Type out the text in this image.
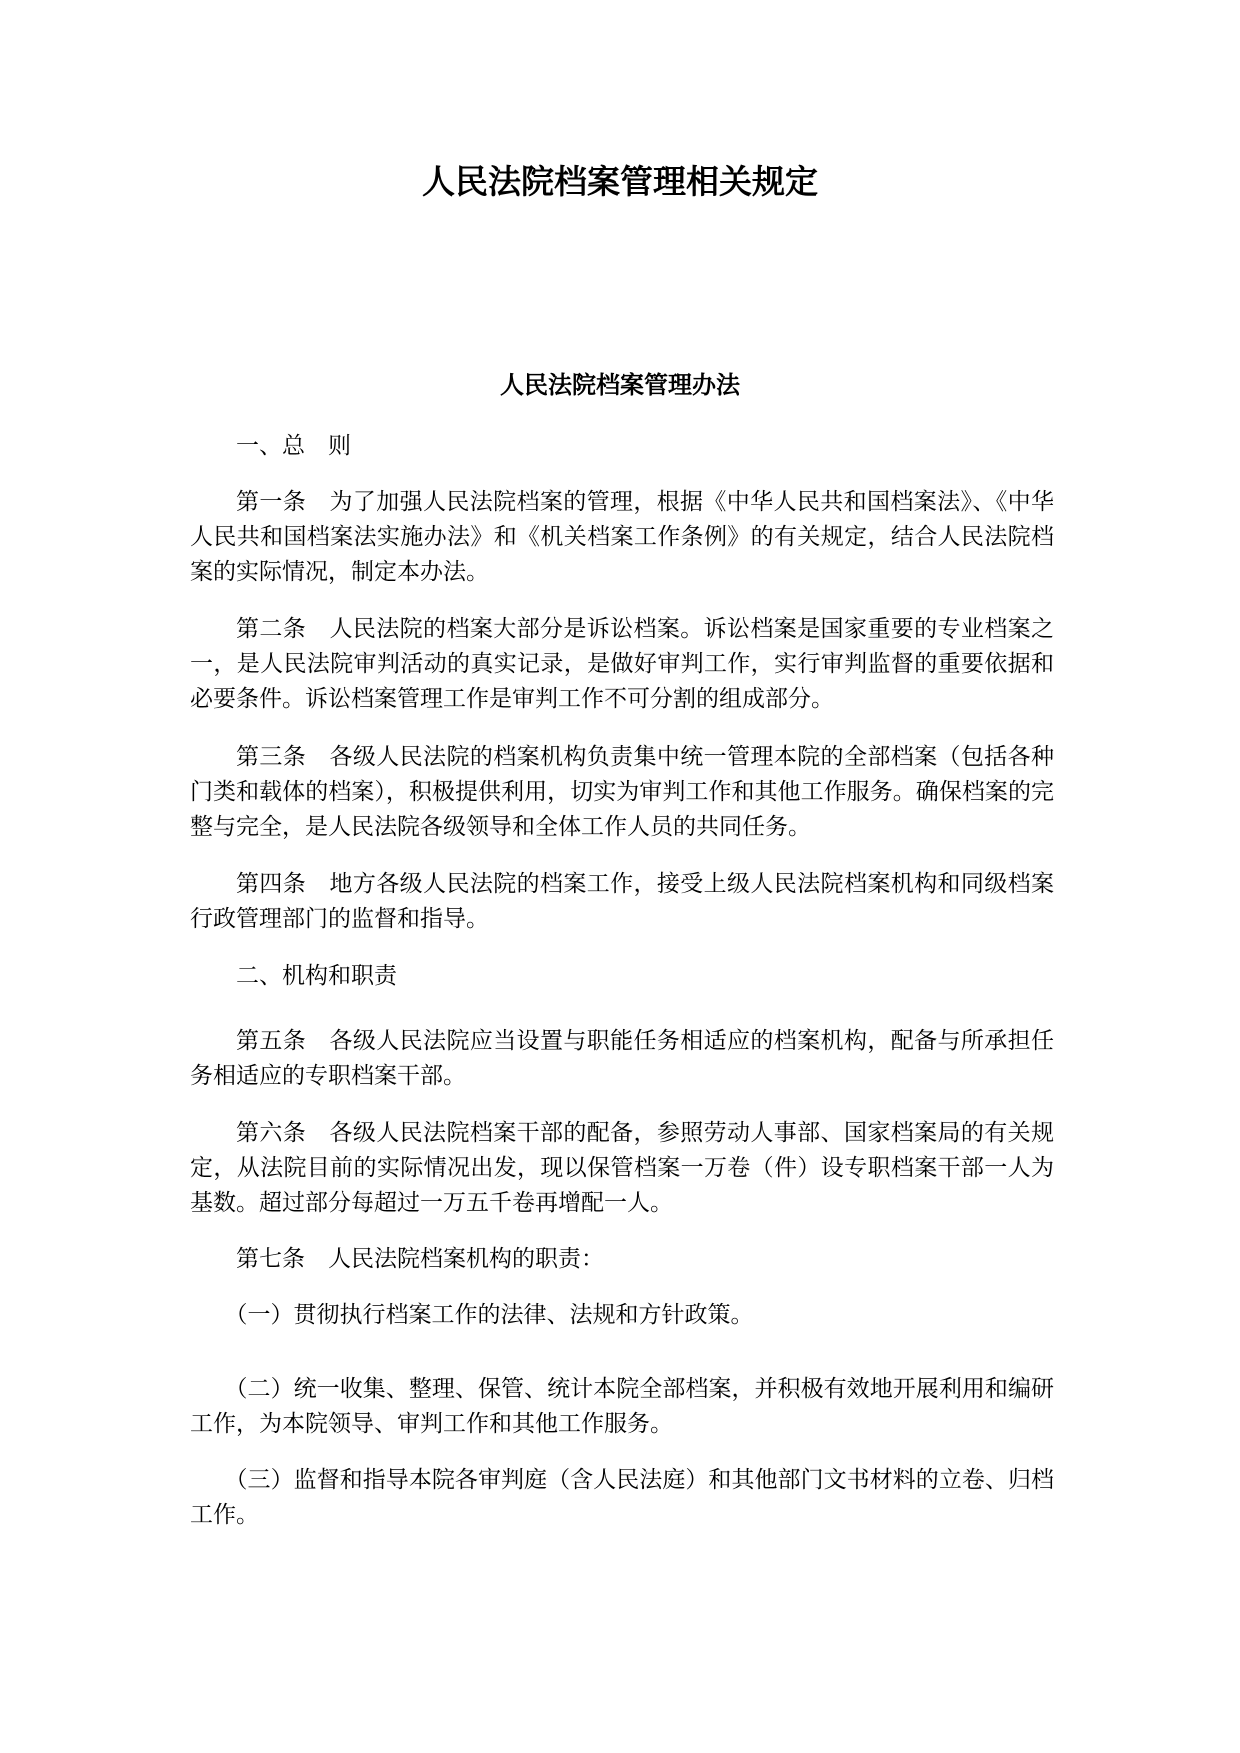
人民法院档案管理相关规定
人民法院档案管理办法

一、总　则

第一条　为了加强人民法院档案的管理，根据《中华人民共和国档案法》、《中华人民共和国档案法实施办法》和《机关档案工作条例》的有关规定，结合人民法院档案的实际情况，制定本办法。

第二条　人民法院的档案大部分是诉讼档案。诉讼档案是国家重要的专业档案之一，是人民法院审判活动的真实记录，是做好审判工作，实行审判监督的重要依据和必要条件。诉讼档案管理工作是审判工作不可分割的组成部分。

第三条　各级人民法院的档案机构负责集中统一管理本院的全部档案（包括各种门类和载体的档案），积极提供利用，切实为审判工作和其他工作服务。确保档案的完整与完全，是人民法院各级领导和全体工作人员的共同任务。

第四条　地方各级人民法院的档案工作，接受上级人民法院档案机构和同级档案行政管理部门的监督和指导。

二、机构和职责

第五条　各级人民法院应当设置与职能任务相适应的档案机构，配备与所承担任务相适应的专职档案干部。

第六条　各级人民法院档案干部的配备，参照劳动人事部、国家档案局的有关规定，从法院目前的实际情况出发，现以保管档案一万卷（件）设专职档案干部一人为基数。超过部分每超过一万五千卷再增配一人。

第七条　人民法院档案机构的职责：

（一）贯彻执行档案工作的法律、法规和方针政策。

（二）统一收集、整理、保管、统计本院全部档案，并积极有效地开展利用和编研工作，为本院领导、审判工作和其他工作服务。

（三）监督和指导本院各审判庭（含人民法庭）和其他部门文书材料的立卷、归档工作。
